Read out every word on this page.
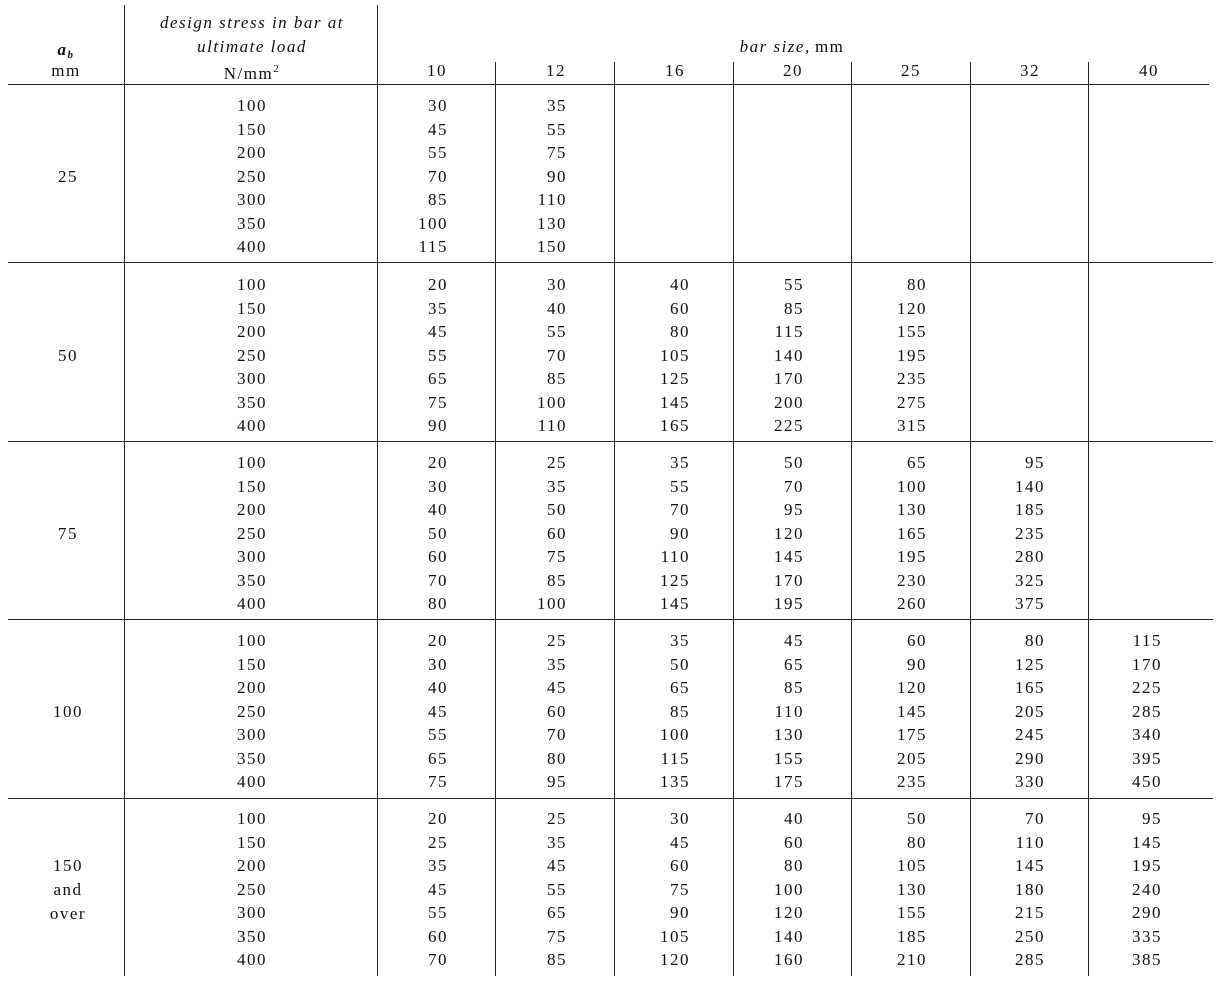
$a_b$
mm
design stress in bar at
ultimate load
$N/mm^2$
bar size, mm
10	12	16	20	25	32	40
25
100	30	35
150	45	55
200	55	75
250	70	90
300	85	110
350	100	130
400	115	150
50
100	20	30	40	55	80
150	35	40	60	85	120
200	45	55	80	115	155
250	55	70	105	140	195
300	65	85	125	170	235
350	75	100	145	200	275
400	90	110	165	225	315
75
100	20	25	35	50	65	95
150	30	35	55	70	100	140
200	40	50	70	95	130	185
250	50	60	90	120	165	235
300	60	75	110	145	195	280
350	70	85	125	170	230	325
400	80	100	145	195	260	375
100
100	20	25	35	45	60	80	115
150	30	35	50	65	90	125	170
200	40	45	65	85	120	165	225
250	45	60	85	110	145	205	285
300	55	70	100	130	175	245	340
350	65	80	115	155	205	290	395
400	75	95	135	175	235	330	450
150
and
over
100	20	25	30	40	50	70	95
150	25	35	45	60	80	110	145
200	35	45	60	80	105	145	195
250	45	55	75	100	130	180	240
300	55	65	90	120	155	215	290
350	60	75	105	140	185	250	335
400	70	85	120	160	210	285	385
